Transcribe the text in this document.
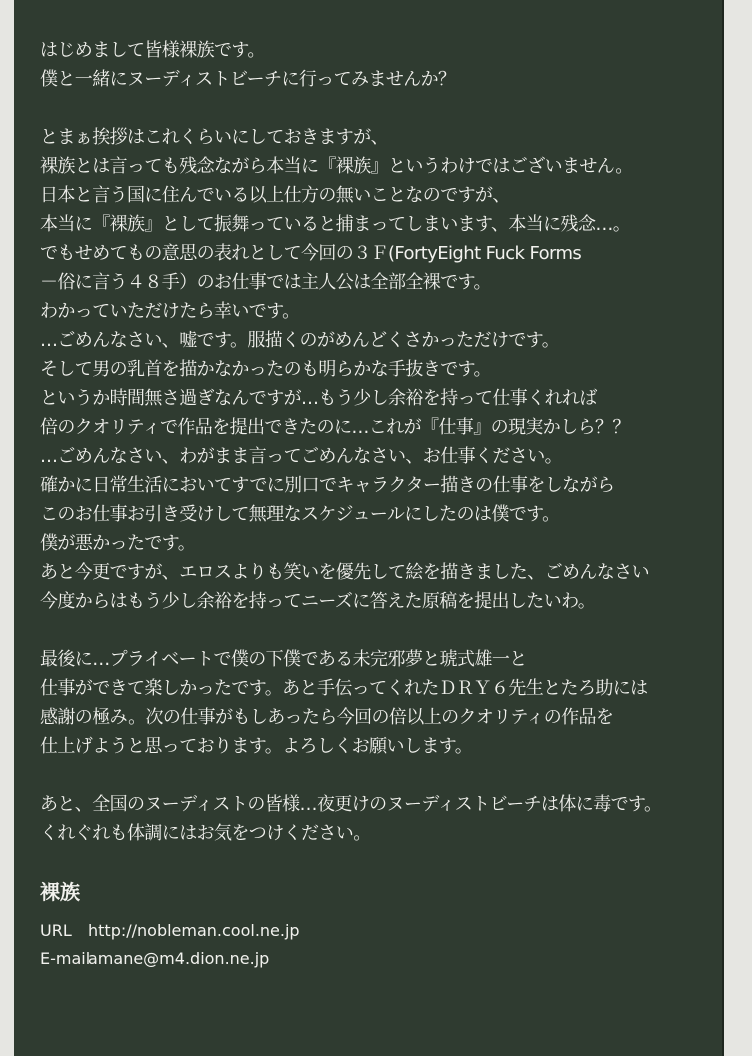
はじめまして皆様裸族です。
僕と一緒にヌーディストビーチに行ってみませんか？
とまぁ挨拶はこれくらいにしておきますが、
裸族とは言っても残念ながら本当に『裸族』というわけではございません。
日本と言う国に住んでいる以上仕方の無いことなのですが、
本当に『裸族』として振舞っていると捕まってしまいます、本当に残念…。
でもせめてもの意思の表れとして今回の３Ｆ(FortyEight Fuck Forms
－俗に言う４８手）のお仕事では主人公は全部全裸です。
わかっていただけたら幸いです。
…ごめんなさい、嘘です。服描くのがめんどくさかっただけです。
そして男の乳首を描かなかったのも明らかな手抜きです。
というか時間無さ過ぎなんですが…もう少し余裕を持って仕事くれれば
倍のクオリティで作品を提出できたのに…これが『仕事』の現実かしら？？
…ごめんなさい、わがまま言ってごめんなさい、お仕事ください。
確かに日常生活においてすでに別口でキャラクター描きの仕事をしながら
このお仕事お引き受けして無理なスケジュールにしたのは僕です。
僕が悪かったです。
あと今更ですが、エロスよりも笑いを優先して絵を描きました、ごめんなさい
今度からはもう少し余裕を持ってニーズに答えた原稿を提出したいわ。
最後に…プライベートで僕の下僕である未完邪夢と琥式雄一と
仕事ができて楽しかったです。あと手伝ってくれたＤＲＹ６先生とたろ助には
感謝の極み。次の仕事がもしあったら今回の倍以上のクオリティの作品を
仕上げようと思っております。よろしくお願いします。
あと、全国のヌーディストの皆様…夜更けのヌーディストビーチは体に毒です。
くれぐれも体調にはお気をつけください。
裸族
URL http://nobleman.cool.ne.jp
E-mailamane@m4.dion.ne.jp
